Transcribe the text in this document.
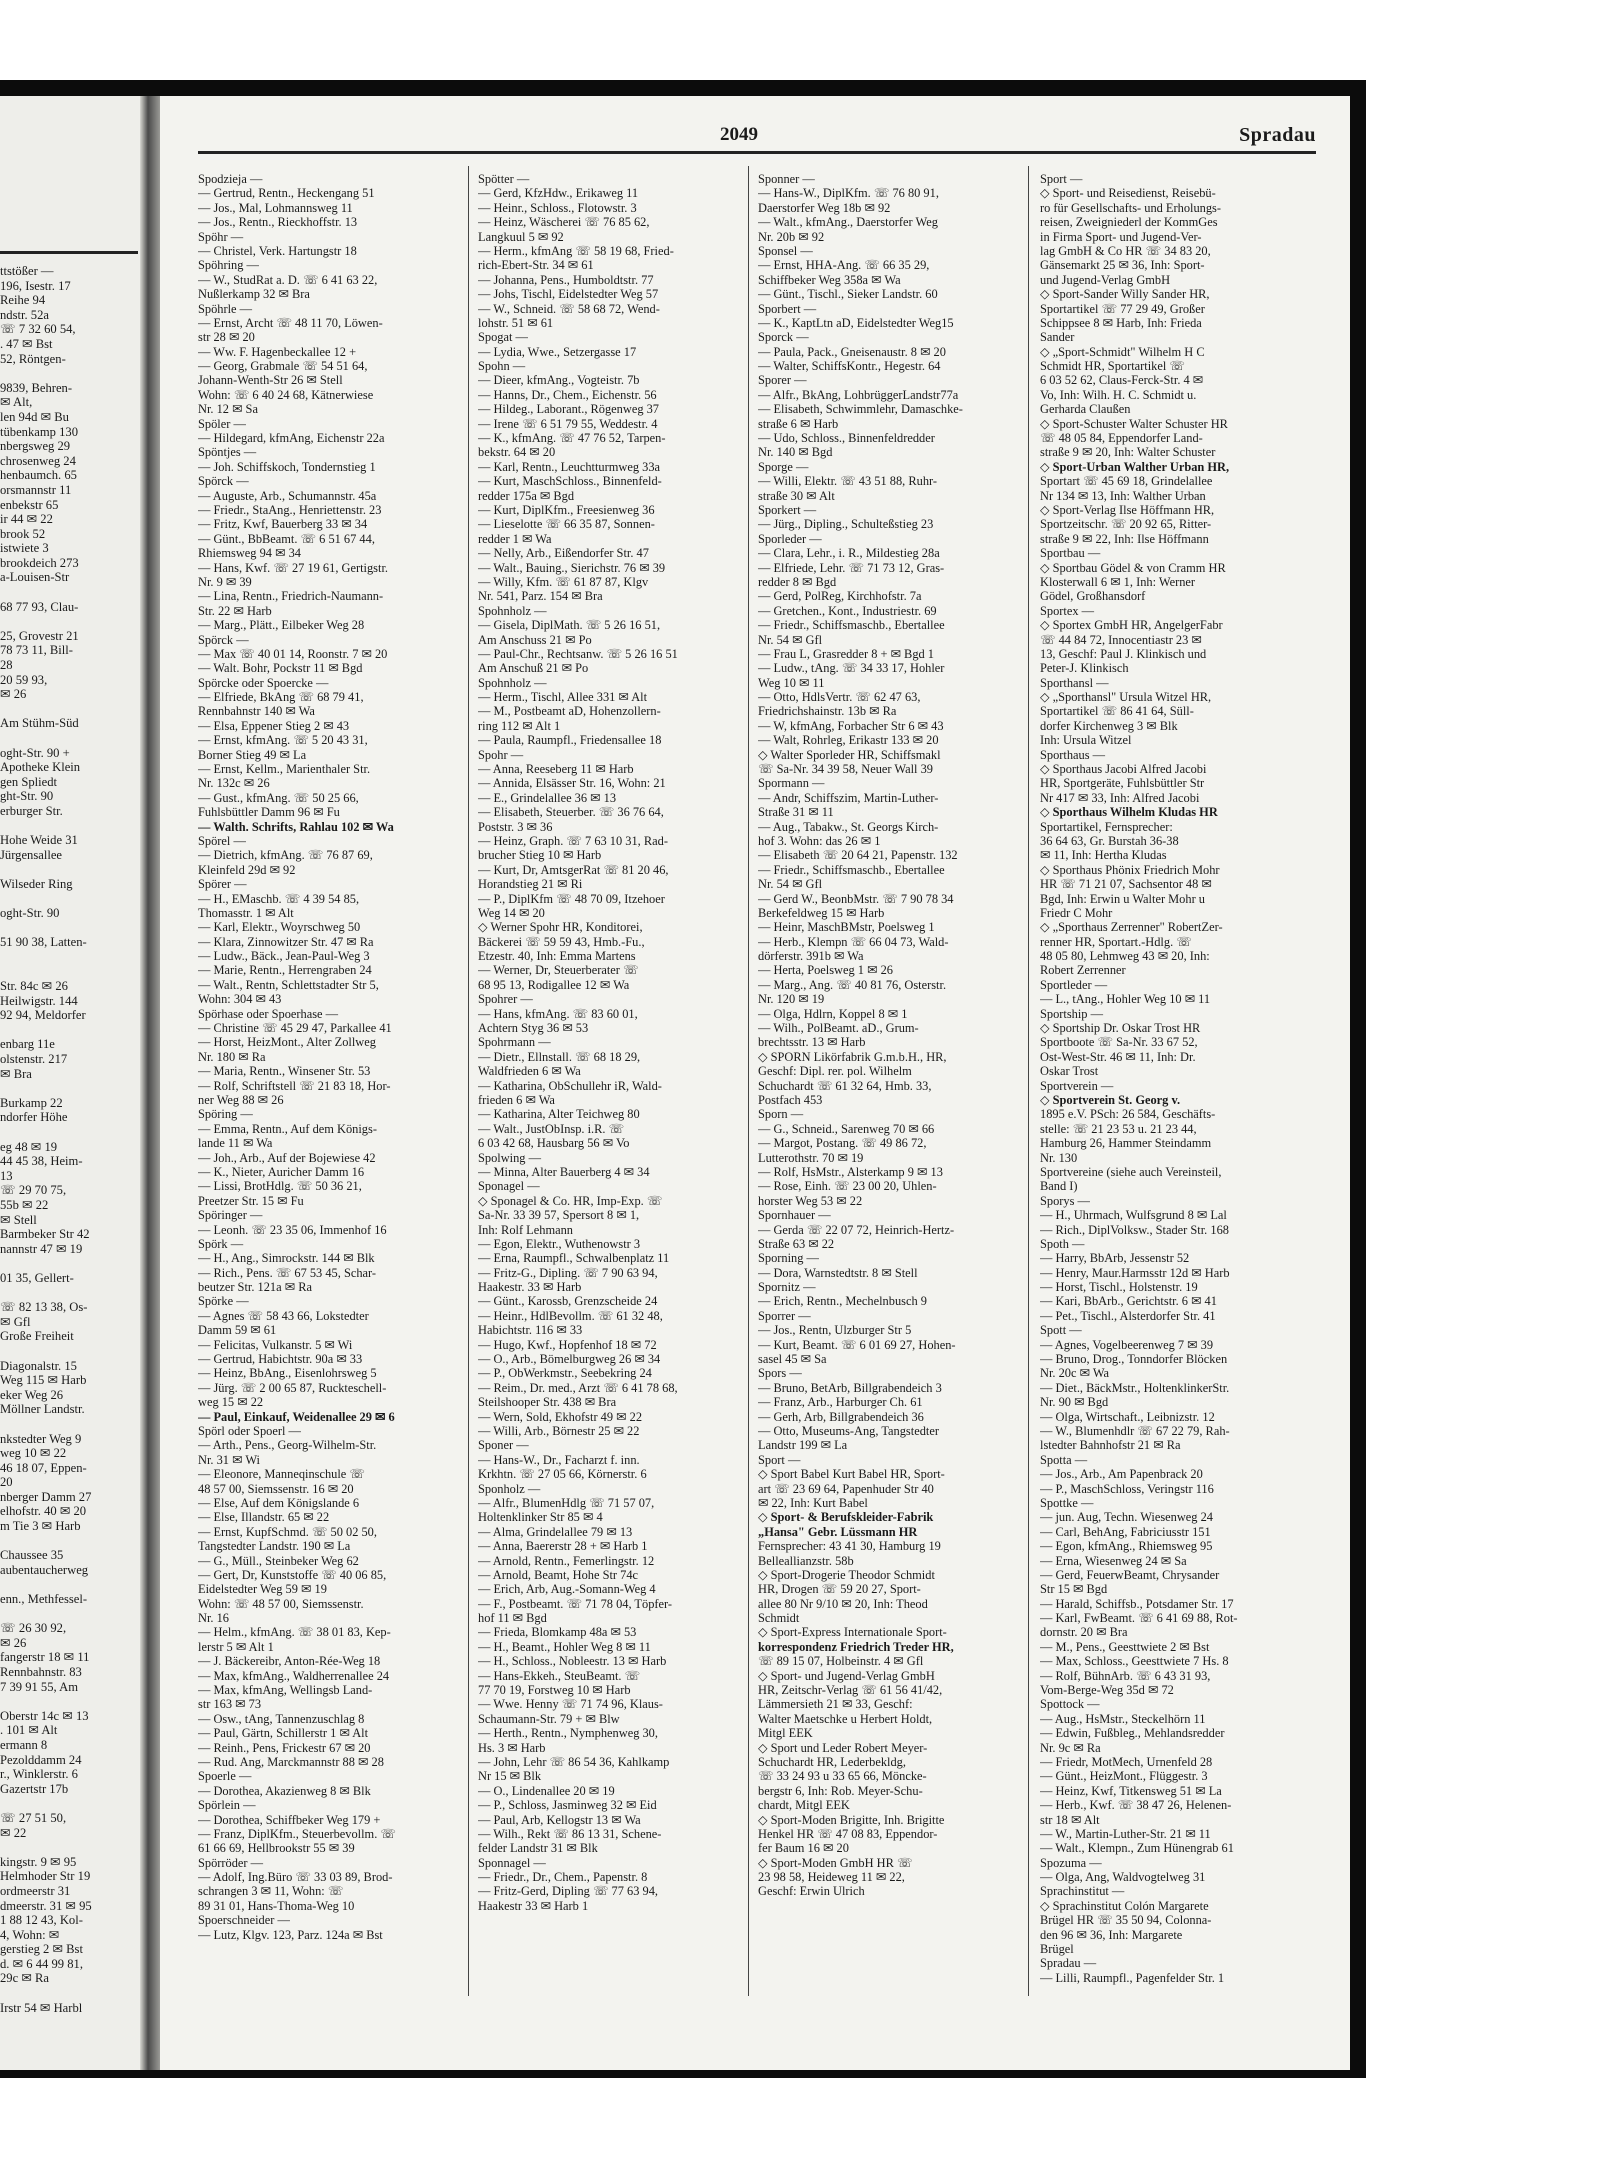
ttstößer —
196, Isestr. 17
Reihe 94
ndstr. 52a
☏ 7 32 60 54,
. 47 ✉ Bst
52, Röntgen-
9839, Behren-
✉ Alt,
len 94d ✉ Bu
tübenkamp 130
nbergsweg 29
chrosenweg 24
henbaumch. 65
orsmannstr 11
enbekstr 65
ir 44 ✉ 22
brook 52
istwiete 3
brookdeich 273
a-Louisen-Str
68 77 93, Clau-
25, Grovestr 21
78 73 11, Bill-
28
20 59 93,
✉ 26
Am Stühm-Süd
oght-Str. 90 +
Apotheke Klein
gen Spliedt
ght-Str. 90
erburger Str.
Hohe Weide 31
Jürgensallee
Wilseder Ring
oght-Str. 90
51 90 38, Latten-
Str. 84c ✉ 26
Heilwigstr. 144
92 94, Meldorfer
enbarg 11e
olstenstr. 217
✉ Bra
Burkamp 22
ndorfer Höhe
eg 48 ✉ 19
44 45 38, Heim-
13
☏ 29 70 75,
55b ✉ 22
✉ Stell
Barmbeker Str 42
nannstr 47 ✉ 19
01 35, Gellert-
☏ 82 13 38, Os-
✉ Gfl
Große Freiheit
Diagonalstr. 15
Weg 115 ✉ Harb
eker Weg 26
Möllner Landstr.
nkstedter Weg 9
weg 10 ✉ 22
46 18 07, Eppen-
20
nberger Damm 27
elhofstr. 40 ✉ 20
m Tie 3 ✉ Harb
Chaussee 35
aubentaucherweg
enn., Methfessel-
☏ 26 30 92,
✉ 26
fangerstr 18 ✉ 11
Rennbahnstr. 83
7 39 91 55, Am
Oberstr 14c ✉ 13
. 101 ✉ Alt
ermann 8
Pezolddamm 24
r., Winklerstr. 6
Gazertstr 17b
☏ 27 51 50,
✉ 22
kingstr. 9 ✉ 95
Helmhoder Str 19
ordmeerstr 31
dmeerstr. 31 ✉ 95
1 88 12 43, Kol-
4, Wohn: ✉
gerstieg 2 ✉ Bst
d. ✉ 6 44 99 81,
29c ✉ Ra
Irstr 54 ✉ Harbl
2049	Spradau
Spodzieja —
— Gertrud, Rentn., Heckengang 51
— Jos., Mal, Lohmannsweg 11
— Jos., Rentn., Rieckhoffstr. 13
Spöhr —
— Christel, Verk. Hartungstr 18
Spöhring —
— W., StudRat a. D. ☏ 6 41 63 22,
Nußlerkamp 32 ✉ Bra
Spöhrle —
— Ernst, Archt ☏ 48 11 70, Löwen-
str 28 ✉ 20
— Ww. F. Hagenbeckallee 12 +
— Georg, Grabmale ☏ 54 51 64,
Johann-Wenth-Str 26 ✉ Stell
Wohn: ☏ 6 40 24 68, Kätnerwiese
Nr. 12 ✉ Sa
Spöler —
— Hildegard, kfmAng, Eichenstr 22a
Spöntjes —
— Joh. Schiffskoch, Tondernstieg 1
Spörck —
— Auguste, Arb., Schumannstr. 45a
— Friedr., StaAng., Henriettenstr. 23
— Fritz, Kwf, Bauerberg 33 ✉ 34
— Günt., BbBeamt. ☏ 6 51 67 44,
Rhiemsweg 94 ✉ 34
— Hans, Kwf. ☏ 27 19 61, Gertigstr.
Nr. 9 ✉ 39
— Lina, Rentn., Friedrich-Naumann-
Str. 22 ✉ Harb
— Marg., Plätt., Eilbeker Weg 28
Spörck —
— Max ☏ 40 01 14, Roonstr. 7 ✉ 20
— Walt. Bohr, Pockstr 11 ✉ Bgd
Spörcke oder Spoercke —
— Elfriede, BkAng ☏ 68 79 41,
Rennbahnstr 140 ✉ Wa
— Elsa, Eppener Stieg 2 ✉ 43
— Ernst, kfmAng. ☏ 5 20 43 31,
Borner Stieg 49 ✉ La
— Ernst, Kellm., Marienthaler Str.
Nr. 132c ✉ 26
— Gust., kfmAng. ☏ 50 25 66,
Fuhlsbüttler Damm 96 ✉ Fu
— Walth. Schrifts, Rahlau 102 ✉ Wa
Spörel —
— Dietrich, kfmAng. ☏ 76 87 69,
Kleinfeld 29d ✉ 92
Spörer —
— H., EMaschb. ☏ 4 39 54 85,
Thomasstr. 1 ✉ Alt
— Karl, Elektr., Woyrschweg 50
— Klara, Zinnowitzer Str. 47 ✉ Ra
— Ludw., Bäck., Jean-Paul-Weg 3
— Marie, Rentn., Herrengraben 24
— Walt., Rentn, Schlettstadter Str 5,
Wohn: 304 ✉ 43
Spörhase oder Spoerhase —
— Christine ☏ 45 29 47, Parkallee 41
— Horst, HeizMont., Alter Zollweg
Nr. 180 ✉ Ra
— Maria, Rentn., Winsener Str. 53
— Rolf, Schriftstell ☏ 21 83 18, Hor-
ner Weg 88 ✉ 26
Spöring —
— Emma, Rentn., Auf dem Königs-
lande 11 ✉ Wa
— Joh., Arb., Auf der Bojewiese 42
— K., Nieter, Auricher Damm 16
— Lissi, BrotHdlg. ☏ 50 36 21,
Preetzer Str. 15 ✉ Fu
Spöringer —
— Leonh. ☏ 23 35 06, Immenhof 16
Spörk —
— H., Ang., Simrockstr. 144 ✉ Blk
— Rich., Pens. ☏ 67 53 45, Schar-
beutzer Str. 121a ✉ Ra
Spörke —
— Agnes ☏ 58 43 66, Lokstedter
Damm 59 ✉ 61
— Felicitas, Vulkanstr. 5 ✉ Wi
— Gertrud, Habichtstr. 90a ✉ 33
— Heinz, BbAng., Eisenlohrsweg 5
— Jürg. ☏ 2 00 65 87, Ruckteschell-
weg 15 ✉ 22
— Paul, Einkauf, Weidenallee 29 ✉ 6
Spörl oder Spoerl —
— Arth., Pens., Georg-Wilhelm-Str.
Nr. 31 ✉ Wi
— Eleonore, Manneqinschule ☏
48 57 00, Siemssenstr. 16 ✉ 20
— Else, Auf dem Königslande 6
— Else, Illandstr. 65 ✉ 22
— Ernst, KupfSchmd. ☏ 50 02 50,
Tangstedter Landstr. 190 ✉ La
— G., Müll., Steinbeker Weg 62
— Gert, Dr, Kunststoffe ☏ 40 06 85,
Eidelstedter Weg 59 ✉ 19
Wohn: ☏ 48 57 00, Siemssenstr.
Nr. 16
— Helm., kfmAng. ☏ 38 01 83, Kep-
lerstr 5 ✉ Alt 1
— J. Bäckereibr, Anton-Rée-Weg 18
— Max, kfmAng., Waldherrenallee 24
— Max, kfmAng, Wellingsb Land-
str 163 ✉ 73
— Osw., tAng, Tannenzuschlag 8
— Paul, Gärtn, Schillerstr 1 ✉ Alt
— Reinh., Pens, Frickestr 67 ✉ 20
— Rud. Ang, Marckmannstr 88 ✉ 28
Spoerle —
— Dorothea, Akazienweg 8 ✉ Blk
Spörlein —
— Dorothea, Schiffbeker Weg 179 +
— Franz, DiplKfm., Steuerbevollm. ☏
61 66 69, Hellbrookstr 55 ✉ 39
Spörröder —
— Adolf, Ing.Büro ☏ 33 03 89, Brod-
schrangen 3 ✉ 11, Wohn: ☏
89 31 01, Hans-Thoma-Weg 10
Spoerschneider —
— Lutz, Klgv. 123, Parz. 124a ✉ Bst
Spötter —
— Gerd, KfzHdw., Erikaweg 11
— Heinr., Schloss., Flotowstr. 3
— Heinz, Wäscherei ☏ 76 85 62,
Langkuul 5 ✉ 92
— Herm., kfmAng ☏ 58 19 68, Fried-
rich-Ebert-Str. 34 ✉ 61
— Johanna, Pens., Humboldtstr. 77
— Johs, Tischl, Eidelstedter Weg 57
— W., Schneid. ☏ 58 68 72, Wend-
lohstr. 51 ✉ 61
Spogat —
— Lydia, Wwe., Setzergasse 17
Spohn —
— Dieer, kfmAng., Vogteistr. 7b
— Hanns, Dr., Chem., Eichenstr. 56
— Hildeg., Laborant., Rögenweg 37
— Irene ☏ 6 51 79 55, Weddestr. 4
— K., kfmAng. ☏ 47 76 52, Tarpen-
bekstr. 64 ✉ 20
— Karl, Rentn., Leuchtturmweg 33a
— Kurt, MaschSchloss., Binnenfeld-
redder 175a ✉ Bgd
— Kurt, DiplKfm., Freesienweg 36
— Lieselotte ☏ 66 35 87, Sonnen-
redder 1 ✉ Wa
— Nelly, Arb., Eißendorfer Str. 47
— Walt., Bauing., Sierichstr. 76 ✉ 39
— Willy, Kfm. ☏ 61 87 87, Klgv
Nr. 541, Parz. 154 ✉ Bra
Spohnholz —
— Gisela, DiplMath. ☏ 5 26 16 51,
Am Anschuss 21 ✉ Po
— Paul-Chr., Rechtsanw. ☏ 5 26 16 51
Am Anschuß 21 ✉ Po
Spohnholz —
— Herm., Tischl, Allee 331 ✉ Alt
— M., Postbeamt aD, Hohenzollern-
ring 112 ✉ Alt 1
— Paula, Raumpfl., Friedensallee 18
Spohr —
— Anna, Reeseberg 11 ✉ Harb
— Annida, Elsässer Str. 16, Wohn: 21
— E., Grindelallee 36 ✉ 13
— Elisabeth, Steuerber. ☏ 36 76 64,
Poststr. 3 ✉ 36
— Heinz, Graph. ☏ 7 63 10 31, Rad-
brucher Stieg 10 ✉ Harb
— Kurt, Dr, AmtsgerRat ☏ 81 20 46,
Horandstieg 21 ✉ Ri
— P., DiplKfm ☏ 48 70 09, Itzehoer
Weg 14 ✉ 20
◇ Werner Spohr HR, Konditorei,
Bäckerei ☏ 59 59 43, Hmb.-Fu.,
Etzestr. 40, Inh: Emma Martens
— Werner, Dr, Steuerberater ☏
68 95 13, Rodigallee 12 ✉ Wa
Spohrer —
— Hans, kfmAng. ☏ 83 60 01,
Achtern Styg 36 ✉ 53
Spohrmann —
— Dietr., Ellnstall. ☏ 68 18 29,
Waldfrieden 6 ✉ Wa
— Katharina, ObSchullehr iR, Wald-
frieden 6 ✉ Wa
— Katharina, Alter Teichweg 80
— Walt., JustObInsp. i.R. ☏
6 03 42 68, Hausbarg 56 ✉ Vo
Spolwing —
— Minna, Alter Bauerberg 4 ✉ 34
Sponagel —
◇ Sponagel & Co. HR, Imp-Exp. ☏
Sa-Nr. 33 39 57, Spersort 8 ✉ 1,
Inh: Rolf Lehmann
— Egon, Elektr., Wuthenowstr 3
— Erna, Raumpfl., Schwalbenplatz 11
— Fritz-G., Dipling. ☏ 7 90 63 94,
Haakestr. 33 ✉ Harb
— Günt., Karossb, Grenzscheide 24
— Heinr., HdlBevollm. ☏ 61 32 48,
Habichtstr. 116 ✉ 33
— Hugo, Kwf., Hopfenhof 18 ✉ 72
— O., Arb., Bömelburgweg 26 ✉ 34
— P., ObWerkmstr., Seebekring 24
— Reim., Dr. med., Arzt ☏ 6 41 78 68,
Steilshooper Str. 438 ✉ Bra
— Wern, Sold, Ekhofstr 49 ✉ 22
— Willi, Arb., Börnestr 25 ✉ 22
Sponer —
— Hans-W., Dr., Facharzt f. inn.
Krkhtn. ☏ 27 05 66, Körnerstr. 6
Sponholz —
— Alfr., BlumenHdlg ☏ 71 57 07,
Holtenklinker Str 85 ✉ 4
— Alma, Grindelallee 79 ✉ 13
— Anna, Baererstr 28 + ✉ Harb 1
— Arnold, Rentn., Femerlingstr. 12
— Arnold, Beamt, Hohe Str 74c
— Erich, Arb, Aug.-Somann-Weg 4
— F., Postbeamt. ☏ 71 78 04, Töpfer-
hof 11 ✉ Bgd
— Frieda, Blomkamp 48a ✉ 53
— H., Beamt., Hohler Weg 8 ✉ 11
— H., Schloss., Nobleestr. 13 ✉ Harb
— Hans-Ekkeh., SteuBeamt. ☏
77 70 19, Forstweg 10 ✉ Harb
— Wwe. Henny ☏ 71 74 96, Klaus-
Schaumann-Str. 79 + ✉ Blw
— Herth., Rentn., Nymphenweg 30,
Hs. 3 ✉ Harb
— John, Lehr ☏ 86 54 36, Kahlkamp
Nr 15 ✉ Blk
— O., Lindenallee 20 ✉ 19
— P., Schloss, Jasminweg 32 ✉ Eid
— Paul, Arb, Kellogstr 13 ✉ Wa
— Wilh., Rekt ☏ 86 13 31, Schene-
felder Landstr 31 ✉ Blk
Sponnagel —
— Friedr., Dr., Chem., Papenstr. 8
— Fritz-Gerd, Dipling ☏ 77 63 94,
Haakestr 33 ✉ Harb 1
Sponner —
— Hans-W., DiplKfm. ☏ 76 80 91,
Daerstorfer Weg 18b ✉ 92
— Walt., kfmAng., Daerstorfer Weg
Nr. 20b ✉ 92
Sponsel —
— Ernst, HHA-Ang. ☏ 66 35 29,
Schiffbeker Weg 358a ✉ Wa
— Günt., Tischl., Sieker Landstr. 60
Sporbert —
— K., KaptLtn aD, Eidelstedter Weg15
Sporck —
— Paula, Pack., Gneisenaustr. 8 ✉ 20
— Walter, SchiffsKontr., Hegestr. 64
Sporer —
— Alfr., BkAng, LohbrüggerLandstr77a
— Elisabeth, Schwimmlehr, Damaschke-
straße 6 ✉ Harb
— Udo, Schloss., Binnenfeldredder
Nr. 140 ✉ Bgd
Sporge —
— Willi, Elektr. ☏ 43 51 88, Ruhr-
straße 30 ✉ Alt
Sporkert —
— Jürg., Dipling., Schulteßstieg 23
Sporleder —
— Clara, Lehr., i. R., Mildestieg 28a
— Elfriede, Lehr. ☏ 71 73 12, Gras-
redder 8 ✉ Bgd
— Gerd, PolReg, Kirchhofstr. 7a
— Gretchen., Kont., Industriestr. 69
— Friedr., Schiffsmaschb., Ebertallee
Nr. 54 ✉ Gfl
— Frau L, Grasredder 8 + ✉ Bgd 1
— Ludw., tAng. ☏ 34 33 17, Hohler
Weg 10 ✉ 11
— Otto, HdlsVertr. ☏ 62 47 63,
Friedrichshainstr. 13b ✉ Ra
— W, kfmAng, Forbacher Str 6 ✉ 43
— Walt, Rohrleg, Erikastr 133 ✉ 20
◇ Walter Sporleder HR, Schiffsmakl
☏ Sa-Nr. 34 39 58, Neuer Wall 39
Spormann —
— Andr, Schiffszim, Martin-Luther-
Straße 31 ✉ 11
— Aug., Tabakw., St. Georgs Kirch-
hof 3. Wohn: das 26 ✉ 1
— Elisabeth ☏ 20 64 21, Papenstr. 132
— Friedr., Schiffsmaschb., Ebertallee
Nr. 54 ✉ Gfl
— Gerd W., BeonbMstr. ☏ 7 90 78 34
Berkefeldweg 15 ✉ Harb
— Heinr, MaschBMstr, Poelsweg 1
— Herb., Klempn ☏ 66 04 73, Wald-
dörferstr. 391b ✉ Wa
— Herta, Poelsweg 1 ✉ 26
— Marg., Ang. ☏ 40 81 76, Osterstr.
Nr. 120 ✉ 19
— Olga, Hdlrn, Koppel 8 ✉ 1
— Wilh., PolBeamt. aD., Grum-
brechtsstr. 13 ✉ Harb
◇ SPORN Likörfabrik G.m.b.H., HR,
Geschf: Dipl. rer. pol. Wilhelm
Schuchardt ☏ 61 32 64, Hmb. 33,
Postfach 453
Sporn —
— G., Schneid., Sarenweg 70 ✉ 66
— Margot, Postang. ☏ 49 86 72,
Lutterothstr. 70 ✉ 19
— Rolf, HsMstr., Alsterkamp 9 ✉ 13
— Rose, Einh. ☏ 23 00 20, Uhlen-
horster Weg 53 ✉ 22
Spornhauer —
— Gerda ☏ 22 07 72, Heinrich-Hertz-
Straße 63 ✉ 22
Sporning —
— Dora, Warnstedtstr. 8 ✉ Stell
Spornitz —
— Erich, Rentn., Mechelnbusch 9
Sporrer —
— Jos., Rentn, Ulzburger Str 5
— Kurt, Beamt. ☏ 6 01 69 27, Hohen-
sasel 45 ✉ Sa
Spors —
— Bruno, BetArb, Billgrabendeich 3
— Franz, Arb., Harburger Ch. 61
— Gerh, Arb, Billgrabendeich 36
— Otto, Museums-Ang, Tangstedter
Landstr 199 ✉ La
Sport —
◇ Sport Babel Kurt Babel HR, Sport-
art ☏ 23 69 64, Papenhuder Str 40
✉ 22, Inh: Kurt Babel
◇ Sport- & Berufskleider-Fabrik
„Hansa" Gebr. Lüssmann HR
Fernsprecher: 43 41 30, Hamburg 19
Belleallianzstr. 58b
◇ Sport-Drogerie Theodor Schmidt
HR, Drogen ☏ 59 20 27, Sport-
allee 80 Nr 9/10 ✉ 20, Inh: Theod
Schmidt
◇ Sport-Express Internationale Sport-
korrespondenz Friedrich Treder HR,
☏ 89 15 07, Holbeinstr. 4 ✉ Gfl
◇ Sport- und Jugend-Verlag GmbH
HR, Zeitschr-Verlag ☏ 61 56 41/42,
Lämmersieth 21 ✉ 33, Geschf:
Walter Maetschke u Herbert Holdt,
Mitgl EEK
◇ Sport und Leder Robert Meyer-
Schuchardt HR, Lederbekldg,
☏ 33 24 93 u 33 65 66, Mönckе-
bergstr 6, Inh: Rob. Meyer-Schu-
chardt, Mitgl EEK
◇ Sport-Moden Brigitte, Inh. Brigitte
Henkel HR ☏ 47 08 83, Eppendor-
fer Baum 16 ✉ 20
◇ Sport-Moden GmbH HR ☏
23 98 58, Heideweg 11 ✉ 22,
Geschf: Erwin Ulrich
Sport —
◇ Sport- und Reisedienst, Reisebü-
ro für Gesellschafts- und Erholungs-
reisen, Zweigniederl der KommGes
in Firma Sport- und Jugend-Ver-
lag GmbH & Co HR ☏ 34 83 20,
Gänsemarkt 25 ✉ 36, Inh: Sport-
und Jugend-Verlag GmbH
◇ Sport-Sander Willy Sander HR,
Sportartikel ☏ 77 29 49, Großer
Schippsee 8 ✉ Harb, Inh: Frieda
Sander
◇ „Sport-Schmidt" Wilhelm H C
Schmidt HR, Sportartikel ☏
6 03 52 62, Claus-Ferck-Str. 4 ✉
Vo, Inh: Wilh. H. C. Schmidt u.
Gerharda Claußen
◇ Sport-Schuster Walter Schuster HR
☏ 48 05 84, Eppendorfer Land-
straße 9 ✉ 20, Inh: Walter Schuster
◇ Sport-Urban Walther Urban HR,
Sportart ☏ 45 69 18, Grindelallee
Nr 134 ✉ 13, Inh: Walther Urban
◇ Sport-Verlag Ilse Höffmann HR,
Sportzeitschr. ☏ 20 92 65, Ritter-
straße 9 ✉ 22, Inh: Ilse Höffmann
Sportbau —
◇ Sportbau Gödel & von Cramm HR
Klosterwall 6 ✉ 1, Inh: Werner
Gödel, Großhansdorf
Sportex —
◇ Sportex GmbH HR, AngelgerFabr
☏ 44 84 72, Innocentiastr 23 ✉
13, Geschf: Paul J. Klinkisch und
Peter-J. Klinkisch
Sporthansl —
◇ „Sporthansl" Ursula Witzel HR,
Sportartikel ☏ 86 41 64, Süll-
dorfer Kirchenweg 3 ✉ Blk
Inh: Ursula Witzel
Sporthaus —
◇ Sporthaus Jacobi Alfred Jacobi
HR, Sportgeräte, Fuhlsbüttler Str
Nr 417 ✉ 33, Inh: Alfred Jacobi
◇ Sporthaus Wilhelm Kludas HR
Sportartikel, Fernsprecher:
36 64 63, Gr. Burstah 36-38
✉ 11, Inh: Hertha Kludas
◇ Sporthaus Phönix Friedrich Mohr
HR ☏ 71 21 07, Sachsentor 48 ✉
Bgd, Inh: Erwin u Walter Mohr u
Friedr C Mohr
◇ „Sporthaus Zerrenner" RobertZer-
renner HR, Sportart.-Hdlg. ☏
48 05 80, Lehmweg 43 ✉ 20, Inh:
Robert Zerrenner
Sportleder —
— L., tAng., Hohler Weg 10 ✉ 11
Sportship —
◇ Sportship Dr. Oskar Trost HR
Sportboote ☏ Sa-Nr. 33 67 52,
Ost-West-Str. 46 ✉ 11, Inh: Dr.
Oskar Trost
Sportverein —
◇ Sportverein St. Georg v.
1895 e.V. PSch: 26 584, Geschäfts-
stelle: ☏ 21 23 53 u. 21 23 44,
Hamburg 26, Hammer Steindamm
Nr. 130
Sportvereine (siehe auch Vereinsteil,
Band I)
Sporys —
— H., Uhrmach, Wulfsgrund 8 ✉ Lal
— Rich., DiplVolksw., Stader Str. 168
Spoth —
— Harry, BbArb, Jessenstr 52
— Henry, Maur.Harmsstr 12d ✉ Harb
— Horst, Tischl., Holstenstr. 19
— Kari, BbArb., Gerichtstr. 6 ✉ 41
— Pet., Tischl., Alsterdorfer Str. 41
Spott —
— Agnes, Vogelbeerenweg 7 ✉ 39
— Bruno, Drog., Tonndorfer Blöcken
Nr. 20c ✉ Wa
— Diet., BäckMstr., HoltenklinkerStr.
Nr. 90 ✉ Bgd
— Olga, Wirtschaft., Leibnizstr. 12
— W., Blumenhdlr ☏ 67 22 79, Rah-
lstedter Bahnhofstr 21 ✉ Ra
Spotta —
— Jos., Arb., Am Papenbrack 20
— P., MaschSchloss, Veringstr 116
Spottke —
— jun. Aug, Techn. Wiesenweg 24
— Carl, BehAng, Fabriciusstr 151
— Egon, kfmAng., Rhiemsweg 95
— Erna, Wiesenweg 24 ✉ Sa
— Gerd, FeuerwBeamt, Chrysander
Str 15 ✉ Bgd
— Harald, Schiffsb., Potsdamer Str. 17
— Karl, FwBeamt. ☏ 6 41 69 88, Rot-
dornstr. 20 ✉ Bra
— M., Pens., Geesttwiete 2 ✉ Bst
— Max, Schloss., Geesttwiete 7 Hs. 8
— Rolf, BühnArb. ☏ 6 43 31 93,
Vom-Berge-Weg 35d ✉ 72
Spottock —
— Aug., HsMstr., Steckelhörn 11
— Edwin, Fußbleg., Mehlandsredder
Nr. 9c ✉ Ra
— Friedr, MotMech, Urnenfeld 28
— Günt., HeizMont., Flüggestr. 3
— Heinz, Kwf, Titkensweg 51 ✉ La
— Herb., Kwf. ☏ 38 47 26, Helenen-
str 18 ✉ Alt
— W., Martin-Luther-Str. 21 ✉ 11
— Walt., Klempn., Zum Hünengrab 61
Spozuma —
— Olga, Ang, Waldvogtelweg 31
Sprachinstitut —
◇ Sprachinstitut Colón Margarete
Brügel HR ☏ 35 50 94, Colonna-
den 96 ✉ 36, Inh: Margarete
Brügel
Spradau —
— Lilli, Raumpfl., Pagenfelder Str. 1
